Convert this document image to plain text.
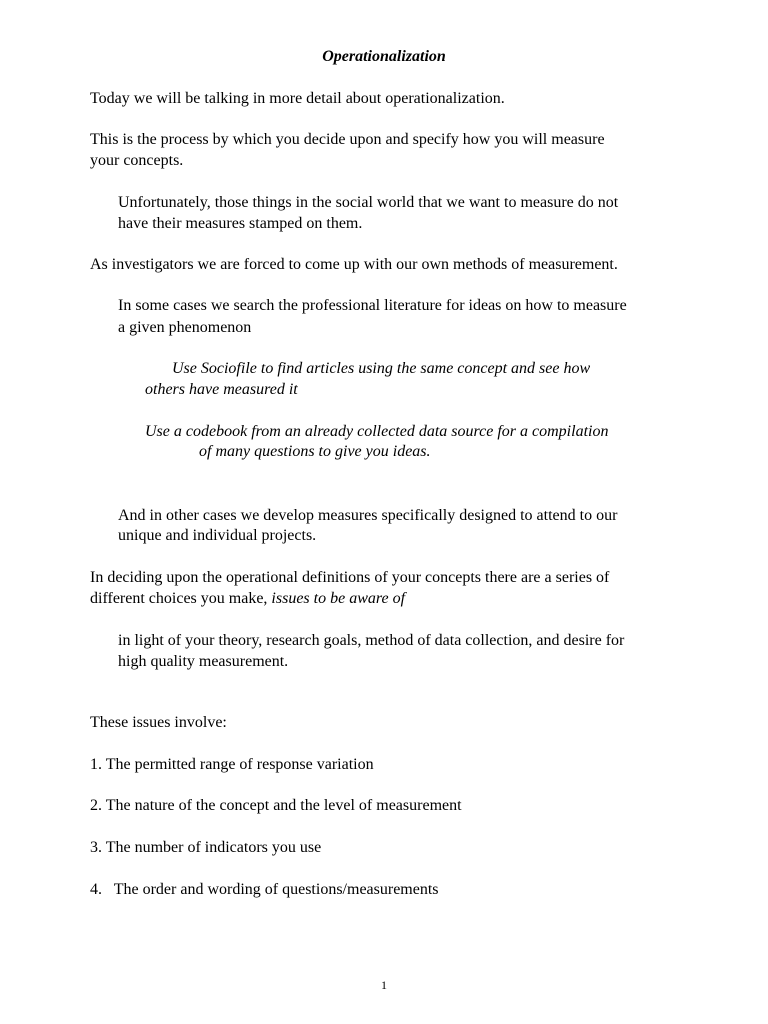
Operationalization
Today we will be talking in more detail about operationalization.
This is the process by which you decide upon and specify how you will measure
your concepts.
Unfortunately, those things in the social world that we want to measure do not
have their measures stamped on them.
As investigators we are forced to come up with our own methods of measurement.
In some cases we search the professional literature for ideas on how to measure
a given phenomenon
Use Sociofile to find articles using the same concept and see how
others have measured it
Use a codebook from an already collected data source for a compilation
of many questions to give you ideas.
And in other cases we develop measures specifically designed to attend to our
unique and individual projects.
In deciding upon the operational definitions of your concepts there are a series of
different choices you make, issues to be aware of
in light of your theory, research goals, method of data collection, and desire for
high quality measurement.
These issues involve:
1. The permitted range of response variation
2. The nature of the concept and the level of measurement
3. The number of indicators you use
4.   The order and wording of questions/measurements
1
